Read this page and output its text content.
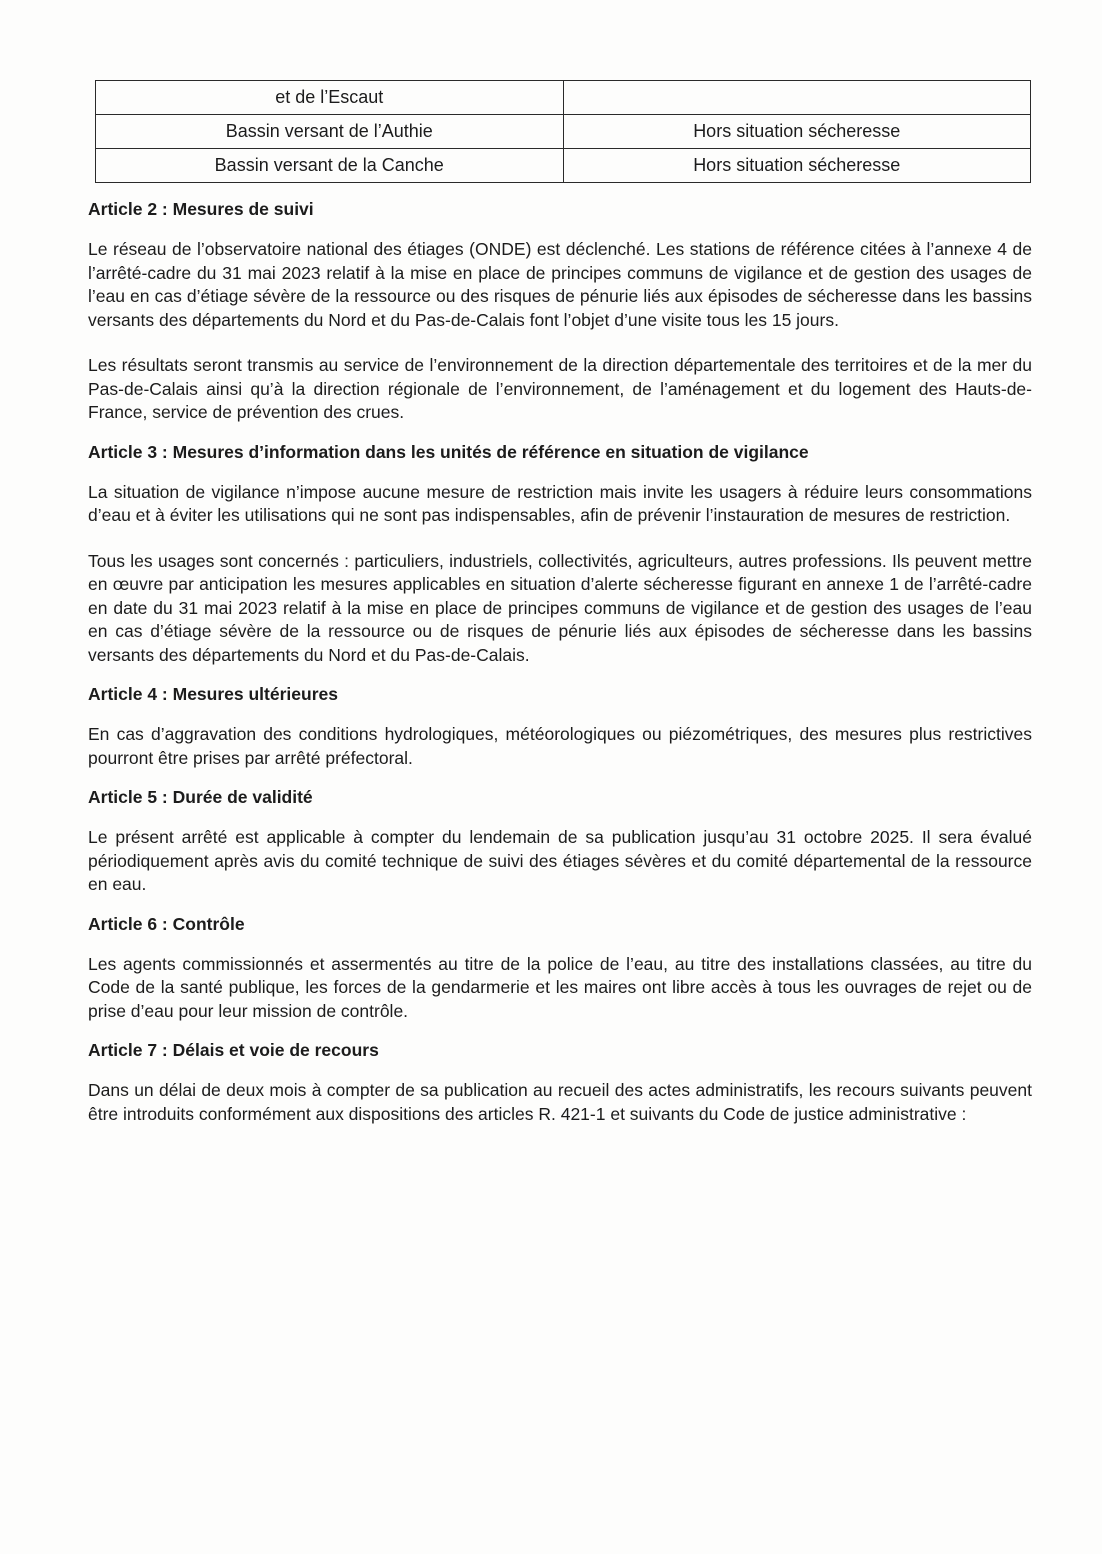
et de l’Escaut	
Bassin versant de l’Authie	Hors situation sécheresse
Bassin versant de la Canche	Hors situation sécheresse
Article 2 : Mesures de suivi

Le réseau de l’observatoire national des étiages (ONDE) est déclenché. Les stations de référence citées à l’annexe 4 de l’arrêté-cadre du 31 mai 2023 relatif à la mise en place de principes communs de vigilance et de gestion des usages de l’eau en cas d’étiage sévère de la ressource ou des risques de pénurie liés aux épisodes de sécheresse dans les bassins versants des départements du Nord et du Pas-de-Calais font l’objet d’une visite tous les 15 jours.

Les résultats seront transmis au service de l’environnement de la direction départementale des territoires et de la mer du Pas-de-Calais ainsi qu’à la direction régionale de l’environnement, de l’aménagement et du logement des Hauts-de-France, service de prévention des crues.

Article 3 : Mesures d’information dans les unités de référence en situation de vigilance

La situation de vigilance n’impose aucune mesure de restriction mais invite les usagers à réduire leurs consommations d’eau et à éviter les utilisations qui ne sont pas indispensables, afin de prévenir l’instauration de mesures de restriction.

Tous les usages sont concernés : particuliers, industriels, collectivités, agriculteurs, autres professions. Ils peuvent mettre en œuvre par anticipation les mesures applicables en situation d’alerte sécheresse figurant en annexe 1 de l’arrêté-cadre en date du 31 mai 2023 relatif à la mise en place de principes communs de vigilance et de gestion des usages de l’eau en cas d’étiage sévère de la ressource ou de risques de pénurie liés aux épisodes de sécheresse dans les bassins versants des départements du Nord et du Pas-de-Calais.

Article 4 : Mesures ultérieures

En cas d’aggravation des conditions hydrologiques, météorologiques ou piézométriques, des mesures plus restrictives pourront être prises par arrêté préfectoral.

Article 5 : Durée de validité

Le présent arrêté est applicable à compter du lendemain de sa publication jusqu’au 31 octobre 2025. Il sera évalué périodiquement après avis du comité technique de suivi des étiages sévères et du comité départemental de la ressource en eau.

Article 6 : Contrôle

Les agents commissionnés et assermentés au titre de la police de l’eau, au titre des installations classées, au titre du Code de la santé publique, les forces de la gendarmerie et les maires ont libre accès à tous les ouvrages de rejet ou de prise d’eau pour leur mission de contrôle.

Article 7 : Délais et voie de recours

Dans un délai de deux mois à compter de sa publication au recueil des actes administratifs, les recours suivants peuvent être introduits conformément aux dispositions des articles R. 421-1 et suivants du Code de justice administrative :
